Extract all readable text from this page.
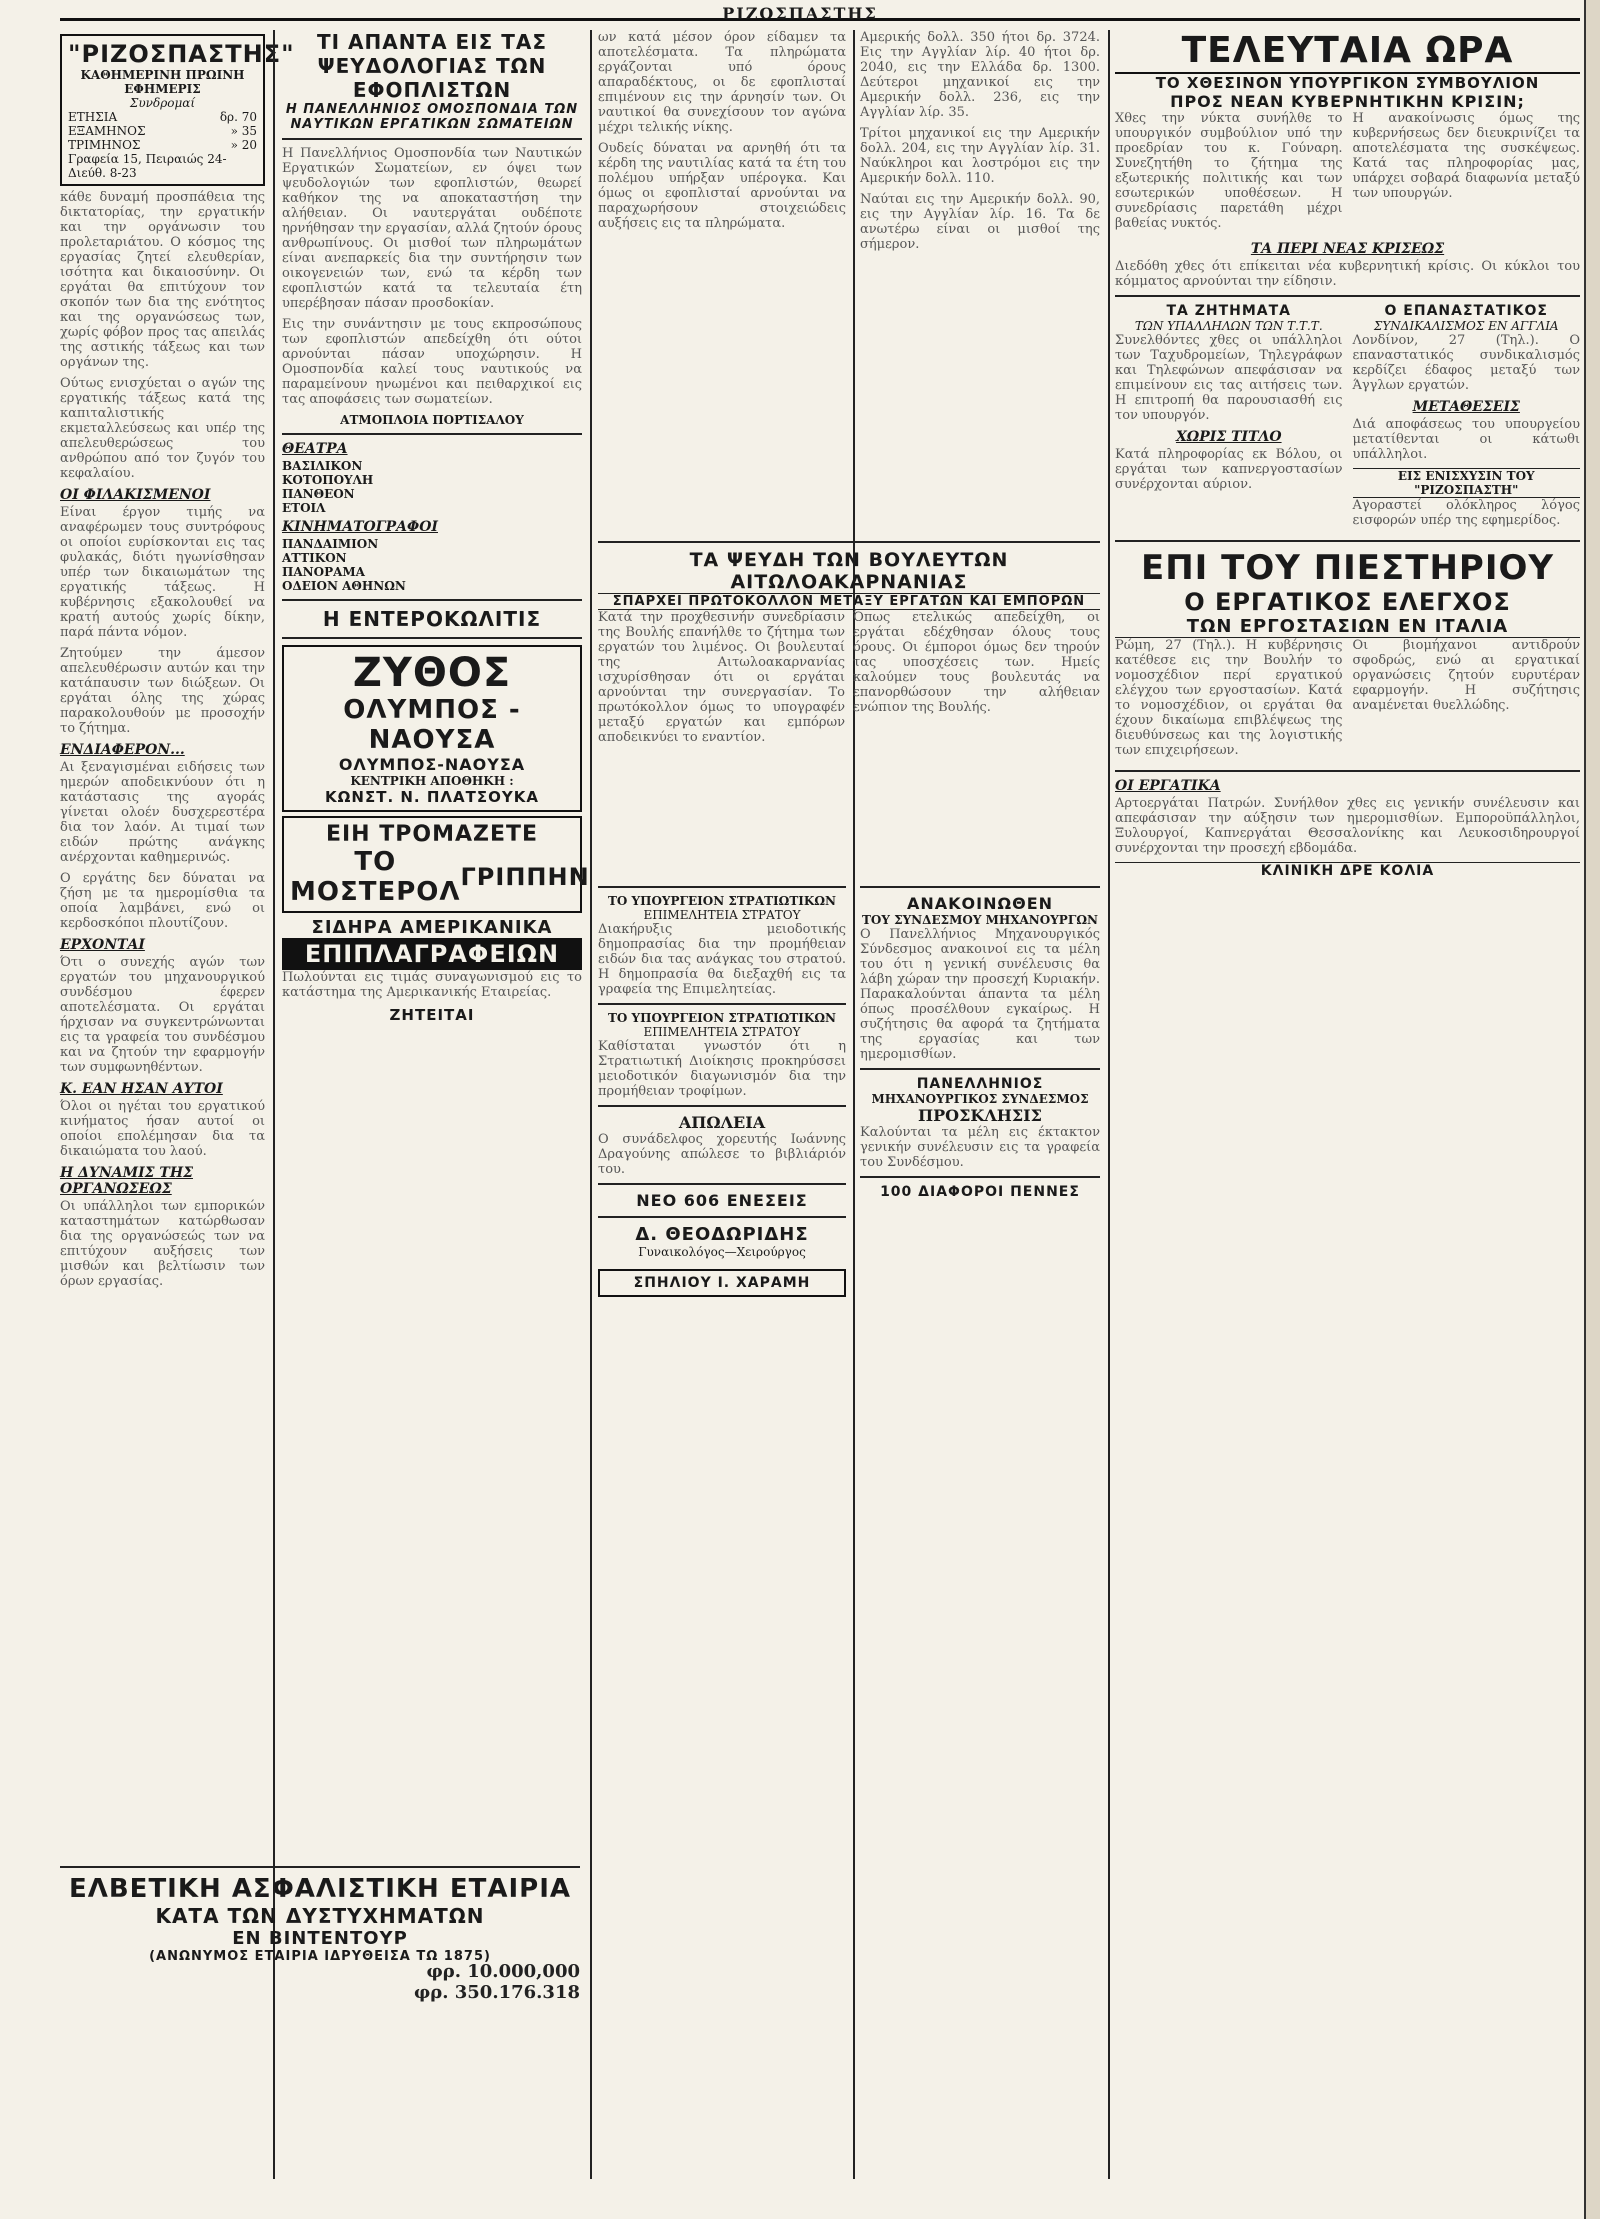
ΡΙΖΟΣΠΑΣΤΗΣ
"ΡΙΖΟΣΠΑΣΤΗΣ"
ΚΑΘΗΜΕΡΙΝΗ ΠΡΩΙΝΗ ΕΦΗΜΕΡΙΣ
Συνδρομαί
ΕΤΗΣΙΑ	δρ. 70
ΕΞΑΜΗΝΟΣ	» 35
ΤΡΙΜΗΝΟΣ	» 20
Γραφεία 15, Πειραιώς 24-Διεύθ. 8-23

κάθε δυναμή προσπάθεια της δικτατορίας, την εργατικήν και την οργάνωσιν του προλεταριάτου. Ο κόσμος της εργασίας ζητεί ελευθερίαν, ισότητα και δικαιοσύνην. Οι εργάται θα επιτύχουν τον σκοπόν των δια της ενότητος και της οργανώσεως των, χωρίς φόβον προς τας απειλάς της αστικής τάξεως και των οργάνων της.

Ούτως ενισχύεται ο αγών της εργατικής τάξεως κατά της καπιταλιστικής εκμεταλλεύσεως και υπέρ της απελευθερώσεως του ανθρώπου από τον ζυγόν του κεφαλαίου.

ΟΙ ΦΙΛΑΚΙΣΜΕΝΟΙ

Είναι έργον τιμής να αναφέρωμεν τους συντρόφους οι οποίοι ευρίσκονται εις τας φυλακάς, διότι ηγωνίσθησαν υπέρ των δικαιωμάτων της εργατικής τάξεως. Η κυβέρνησις εξακολουθεί να κρατή αυτούς χωρίς δίκην, παρά πάντα νόμον.

Ζητούμεν την άμεσον απελευθέρωσιν αυτών και την κατάπαυσιν των διώξεων. Οι εργάται όλης της χώρας παρακολουθούν με προσοχήν το ζήτημα.

ΕΝΔΙΑΦΕΡΟΝ...

Αι ξεναγισμέναι ειδήσεις των ημερών αποδεικνύουν ότι η κατάστασις της αγοράς γίνεται ολοέν δυσχερεστέρα δια τον λαόν. Αι τιμαί των ειδών πρώτης ανάγκης ανέρχονται καθημερινώς.

Ο εργάτης δεν δύναται να ζήση με τα ημερομίσθια τα οποία λαμβάνει, ενώ οι κερδοσκόποι πλουτίζουν.

ΕΡΧΟΝΤΑΙ

Ότι ο συνεχής αγών των εργατών του μηχανουργικού συνδέσμου έφερεν αποτελέσματα. Οι εργάται ήρχισαν να συγκεντρώνωνται εις τα γραφεία του συνδέσμου και να ζητούν την εφαρμογήν των συμφωνηθέντων.

Κ. ΕΑΝ ΗΣΑΝ ΑΥΤΟΙ

Όλοι οι ηγέται του εργατικού κινήματος ήσαν αυτοί οι οποίοι επολέμησαν δια τα δικαιώματα του λαού.

Η ΔΥΝΑΜΙΣ ΤΗΣ ΟΡΓΑΝΩΣΕΩΣ

Οι υπάλληλοι των εμπορικών καταστημάτων κατώρθωσαν δια της οργανώσεώς των να επιτύχουν αυξήσεις των μισθών και βελτίωσιν των όρων εργασίας.

ΤΙ ΑΠΑΝΤΑ ΕΙΣ ΤΑΣ ΨΕΥΔΟΛΟΓΙΑΣ ΤΩΝ ΕΦΟΠΛΙΣΤΩΝ
Η ΠΑΝΕΛΛΗΝΙΟΣ ΟΜΟΣΠΟΝΔΙΑ ΤΩΝ ΝΑΥΤΙΚΩΝ ΕΡΓΑΤΙΚΩΝ ΣΩΜΑΤΕΙΩΝ

Η Πανελλήνιος Ομοσπονδία των Ναυτικών Εργατικών Σωματείων, εν όψει των ψευδολογιών των εφοπλιστών, θεωρεί καθήκον της να αποκαταστήση την αλήθειαν. Οι ναυτεργάται ουδέποτε ηρνήθησαν την εργασίαν, αλλά ζητούν όρους ανθρωπίνους. Οι μισθοί των πληρωμάτων είναι ανεπαρκείς δια την συντήρησιν των οικογενειών των, ενώ τα κέρδη των εφοπλιστών κατά τα τελευταία έτη υπερέβησαν πάσαν προσδοκίαν.

Εις την συνάντησιν με τους εκπροσώπους των εφοπλιστών απεδείχθη ότι ούτοι αρνούνται πάσαν υποχώρησιν. Η Ομοσπονδία καλεί τους ναυτικούς να παραμείνουν ηνωμένοι και πειθαρχικοί εις τας αποφάσεις των σωματείων.

ΑΤΜΟΠΛΟΙΑ ΠΟΡΤΙΣΑΛΟΥ
ΘΕΑΤΡΑ
ΒΑΣΙΛΙΚΟΝ
ΚΟΤΟΠΟΥΛΗ
ΠΑΝΘΕΟΝ
ΕΤΟΙΛ
ΚΙΝΗΜΑΤΟΓΡΑΦΟΙ
ΠΑΝΔΑΙΜΙΟΝ
ΑΤΤΙΚΟΝ
ΠΑΝΟΡΑΜΑ
ΟΔΕΙΟΝ ΑΘΗΝΩΝ
Η ΕΝΤΕΡΟΚΩΛΙΤΙΣ
ΖΥΘΟΣ
ΟΛΥΜΠΟΣ - ΝΑΟΥΣΑ
ΟΛΥΜΠΟΣ-ΝΑΟΥΣΑ
ΚΕΝΤΡΙΚΗ ΑΠΟΘΗΚΗ :
ΚΩΝΣΤ. Ν. ΠΛΑΤΣΟΥΚΑ
ΕΙΗ ΤΡΟΜΑΖΕΤΕ
ΤΟ ΜΟΣΤΕΡΟΛ ΓΡΙΠΠΗΝ
ΣΙΔΗΡΑ ΑΜΕΡΙΚΑΝΙΚΑ
ΕΠΙΠΛΑΓΡΑΦΕΙΩΝ

Πωλούνται εις τιμάς συναγωνισμού εις το κατάστημα της Αμερικανικής Εταιρείας.

ΖΗΤΕΙΤΑΙ

ων κατά μέσον όρον είδαμεν τα αποτελέσματα. Τα πληρώματα εργάζονται υπό όρους απαραδέκτους, οι δε εφοπλισταί επιμένουν εις την άρνησίν των. Οι ναυτικοί θα συνεχίσουν τον αγώνα μέχρι τελικής νίκης.

Ουδείς δύναται να αρνηθή ότι τα κέρδη της ναυτιλίας κατά τα έτη του πολέμου υπήρξαν υπέρογκα. Και όμως οι εφοπλισταί αρνούνται να παραχωρήσουν στοιχειώδεις αυξήσεις εις τα πληρώματα.

Αμερικής δολλ. 350 ήτοι δρ. 3724. Εις την Αγγλίαν λίρ. 40 ήτοι δρ. 2040, εις την Ελλάδα δρ. 1300. Δεύτεροι μηχανικοί εις την Αμερικήν δολλ. 236, εις την Αγγλίαν λίρ. 35.

Τρίτοι μηχανικοί εις την Αμερικήν δολλ. 204, εις την Αγγλίαν λίρ. 31. Ναύκληροι και λοστρόμοι εις την Αμερικήν δολλ. 110.

Ναύται εις την Αμερικήν δολλ. 90, εις την Αγγλίαν λίρ. 16. Τα δε ανωτέρω είναι οι μισθοί της σήμερον.

ΤΑ ΨΕΥΔΗ ΤΩΝ ΒΟΥΛΕΥΤΩΝ ΑΙΤΩΛΟΑΚΑΡΝΑΝΙΑΣ
ΣΠΑΡΧΕΙ ΠΡΩΤΟΚΟΛΛΟΝ ΜΕΤΑΞΥ ΕΡΓΑΤΩΝ ΚΑΙ ΕΜΠΟΡΩΝ

Κατά την προχθεσινήν συνεδρίασιν της Βουλής επανήλθε το ζήτημα των εργατών του λιμένος. Οι βουλευταί της Αιτωλοακαρνανίας ισχυρίσθησαν ότι οι εργάται αρνούνται την συνεργασίαν. Το πρωτόκολλον όμως το υπογραφέν μεταξύ εργατών και εμπόρων αποδεικνύει το εναντίον.

Όπως ετελικώς απεδείχθη, οι εργάται εδέχθησαν όλους τους όρους. Οι έμποροι όμως δεν τηρούν τας υποσχέσεις των. Ημείς καλούμεν τους βουλευτάς να επανορθώσουν την αλήθειαν ενώπιον της Βουλής.

ΤΟ ΥΠΟΥΡΓΕΙΟΝ ΣΤΡΑΤΙΩΤΙΚΩΝ
ΕΠΙΜΕΛΗΤΕΙΑ ΣΤΡΑΤΟΥ

Διακήρυξις μειοδοτικής δημοπρασίας δια την προμήθειαν ειδών δια τας ανάγκας του στρατού. Η δημοπρασία θα διεξαχθή εις τα γραφεία της Επιμελητείας.

ΤΟ ΥΠΟΥΡΓΕΙΟΝ ΣΤΡΑΤΙΩΤΙΚΩΝ
ΕΠΙΜΕΛΗΤΕΙΑ ΣΤΡΑΤΟΥ

Καθίσταται γνωστόν ότι η Στρατιωτική Διοίκησις προκηρύσσει μειοδοτικόν διαγωνισμόν δια την προμήθειαν τροφίμων.

ΑΠΩΛΕΙΑ

Ο συνάδελφος χορευτής Ιωάννης Δραγούνης απώλεσε το βιβλιάριόν του.

ΝΕΟ 606 ΕΝΕΣΕΙΣ
Δ. ΘΕΟΔΩΡΙΔΗΣ
Γυναικολόγος—Χειρούργος
ΣΠΗΛΙΟΥ Ι. ΧΑΡΑΜΗ
ΑΝΑΚΟΙΝΩΘΕΝ
ΤΟΥ ΣΥΝΔΕΣΜΟΥ ΜΗΧΑΝΟΥΡΓΩΝ

Ο Πανελλήνιος Μηχανουργικός Σύνδεσμος ανακοινοί εις τα μέλη του ότι η γενική συνέλευσις θα λάβη χώραν την προσεχή Κυριακήν. Παρακαλούνται άπαντα τα μέλη όπως προσέλθουν εγκαίρως. Η συζήτησις θα αφορά τα ζητήματα της εργασίας και των ημερομισθίων.

ΠΑΝΕΛΛΗΝΙΟΣ
ΜΗΧΑΝΟΥΡΓΙΚΟΣ ΣΥΝΔΕΣΜΟΣ
ΠΡΟΣΚΛΗΣΙΣ

Καλούνται τα μέλη εις έκτακτον γενικήν συνέλευσιν εις τα γραφεία του Συνδέσμου.

100 ΔΙΑΦΟΡΟΙ ΠΕΝΝΕΣ
ΤΕΛΕΥΤΑΙΑ ΩΡΑ
ΤΟ ΧΘΕΣΙΝΟΝ ΥΠΟΥΡΓΙΚΟΝ ΣΥΜΒΟΥΛΙΟΝ
ΠΡΟΣ ΝΕΑΝ ΚΥΒΕΡΝΗΤΙΚΗΝ ΚΡΙΣΙΝ;

Χθες την νύκτα συνήλθε το υπουργικόν συμβούλιον υπό την προεδρίαν του κ. Γούναρη. Συνεζητήθη το ζήτημα της εξωτερικής πολιτικής και των εσωτερικών υποθέσεων. Η συνεδρίασις παρετάθη μέχρι βαθείας νυκτός.

Η ανακοίνωσις όμως της κυβερνήσεως δεν διευκρινίζει τα αποτελέσματα της συσκέψεως. Κατά τας πληροφορίας μας, υπάρχει σοβαρά διαφωνία μεταξύ των υπουργών.

ΤΑ ΠΕΡΙ ΝΕΑΣ ΚΡΙΣΕΩΣ

Διεδόθη χθες ότι επίκειται νέα κυβερνητική κρίσις. Οι κύκλοι του κόμματος αρνούνται την είδησιν.

ΤΑ ΖΗΤΗΜΑΤΑ
ΤΩΝ ΥΠΑΛΛΗΛΩΝ ΤΩΝ Τ.Τ.Τ.

Συνελθόντες χθες οι υπάλληλοι των Ταχυδρομείων, Τηλεγράφων και Τηλεφώνων απεφάσισαν να επιμείνουν εις τας αιτήσεις των. Η επιτροπή θα παρουσιασθή εις τον υπουργόν.

ΧΩΡΙΣ ΤΙΤΛΟ

Κατά πληροφορίας εκ Βόλου, οι εργάται των καπνεργοστασίων συνέρχονται αύριον.

Ο ΕΠΑΝΑΣΤΑΤΙΚΟΣ
ΣΥΝΔΙΚΑΛΙΣΜΟΣ ΕΝ ΑΓΓΛΙΑ

Λονδίνον, 27 (Τηλ.). Ο επαναστατικός συνδικαλισμός κερδίζει έδαφος μεταξύ των Άγγλων εργατών.

ΜΕΤΑΘΕΣΕΙΣ

Διά αποφάσεως του υπουργείου μετατίθενται οι κάτωθι υπάλληλοι.

ΕΙΣ ΕΝΙΣΧΥΣΙΝ ΤΟΥ "ΡΙΖΟΣΠΑΣΤΗ"

Αγοραστεί ολόκληρος λόγος εισφορών υπέρ της εφημερίδος.

ΕΠΙ ΤΟΥ ΠΙΕΣΤΗΡΙΟΥ
Ο ΕΡΓΑΤΙΚΟΣ ΕΛΕΓΧΟΣ
ΤΩΝ ΕΡΓΟΣΤΑΣΙΩΝ ΕΝ ΙΤΑΛΙΑ

Ρώμη, 27 (Τηλ.). Η κυβέρνησις κατέθεσε εις την Βουλήν το νομοσχέδιον περί εργατικού ελέγχου των εργοστασίων. Κατά το νομοσχέδιον, οι εργάται θα έχουν δικαίωμα επιβλέψεως της διευθύνσεως και της λογιστικής των επιχειρήσεων.

Οι βιομήχανοι αντιδρούν σφοδρώς, ενώ αι εργατικαί οργανώσεις ζητούν ευρυτέραν εφαρμογήν. Η συζήτησις αναμένεται θυελλώδης.

ΟΙ ΕΡΓΑΤΙΚΑ

Αρτοεργάται Πατρών. Συνήλθον χθες εις γενικήν συνέλευσιν και απεφάσισαν την αύξησιν των ημερομισθίων. Εμποροϋπάλληλοι, Ξυλουργοί, Καπνεργάται Θεσσαλονίκης και Λευκοσιδηρουργοί συνέρχονται την προσεχή εβδομάδα.

ΚΛΙΝΙΚΗ ΔΡΕ ΚΟΛΙΑ
ΕΛΒΕΤΙΚΗ ΑΣΦΑΛΙΣΤΙΚΗ ΕΤΑΙΡΙΑ
ΚΑΤΑ ΤΩΝ ΔΥΣΤΥΧΗΜΑΤΩΝ
ΕΝ ΒΙΝΤΕΝΤΟΥΡ
(ΑΝΩΝΥΜΟΣ ΕΤΑΙΡΙΑ ΙΔΡΥΘΕΙΣΑ ΤΩ 1875)
φρ. 10.000,000
φρ. 350.176.318
